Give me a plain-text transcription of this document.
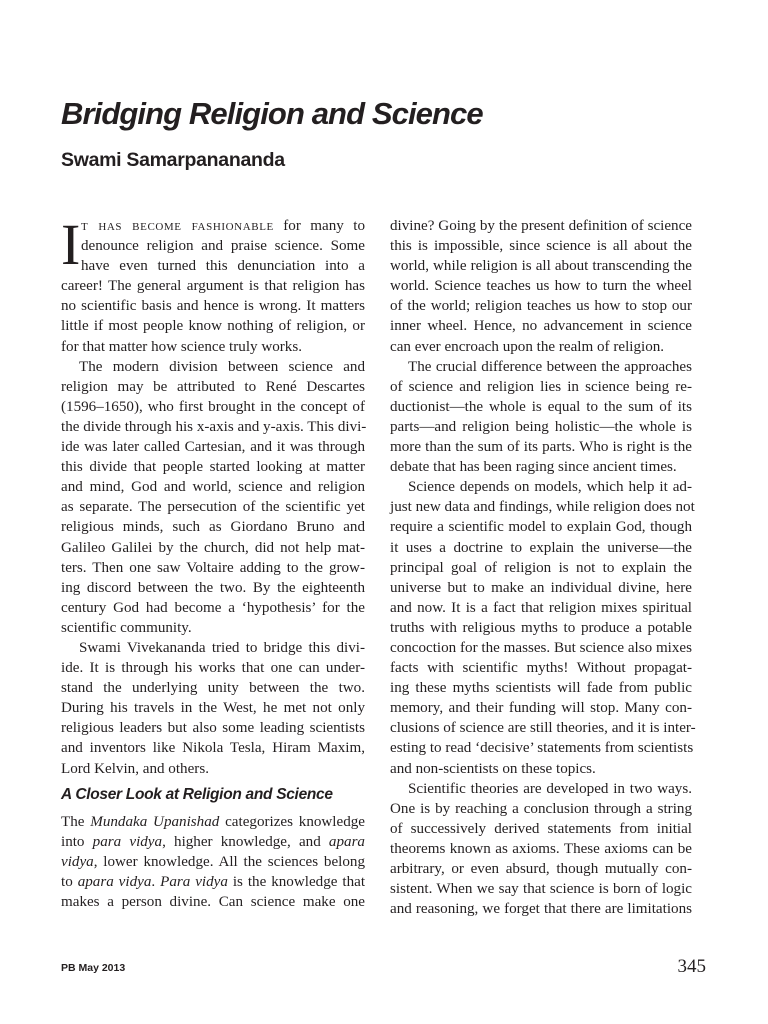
Bridging Religion and Science
Swami Samarpanananda
I t has become fashionable for many to
denounce religion and praise science. Some
have even turned this denunciation into a
career! The general argument is that religion has
no scientific basis and hence is wrong. It matters
little if most people know nothing of religion, or
for that matter how science truly works.
The modern division between science and
religion may be attributed to René Descartes
(1596–1650), who first brought in the concept of
the divide through his x-axis and y-axis. This divi-
ide was later called Cartesian, and it was through
this divide that people started looking at matter
and mind, God and world, science and religion
as separate. The persecution of the scientific yet
religious minds, such as Giordano Bruno and
Galileo Galilei by the church, did not help mat-
ters. Then one saw Voltaire adding to the grow-
ing discord between the two. By the eighteenth
century God had become a ‘hypothesis’ for the
scientific community.
Swami Vivekananda tried to bridge this divi-
ide. It is through his works that one can under-
stand the underlying unity between the two.
During his travels in the West, he met not only
religious leaders but also some leading scientists
and inventors like Nikola Tesla, Hiram Maxim,
Lord Kelvin, and others.
A Closer Look at Religion and Science
The Mundaka Upanishad categorizes knowledge
into para vidya, higher knowledge, and apara
vidya, lower knowledge. All the sciences belong
to apara vidya. Para vidya is the knowledge that
makes a person divine. Can science make one
divine? Going by the present definition of science
this is impossible, since science is all about the
world, while religion is all about transcending the
world. Science teaches us how to turn the wheel
of the world; religion teaches us how to stop our
inner wheel. Hence, no advancement in science
can ever encroach upon the realm of religion.
The crucial difference between the approaches
of science and religion lies in science being re-
ductionist—the whole is equal to the sum of its
parts—and religion being holistic—the whole is
more than the sum of its parts. Who is right is the
debate that has been raging since ancient times.
Science depends on models, which help it ad-
just new data and findings, while religion does not
require a scientific model to explain God, though
it uses a doctrine to explain the universe—the
principal goal of religion is not to explain the
universe but to make an individual divine, here
and now. It is a fact that religion mixes spiritual
truths with religious myths to produce a potable
concoction for the masses. But science also mixes
facts with scientific myths! Without propagat-
ing these myths scientists will fade from public
memory, and their funding will stop. Many con-
clusions of science are still theories, and it is inter-
esting to read ‘decisive’ statements from scientists
and non-scientists on these topics.
Scientific theories are developed in two ways.
One is by reaching a conclusion through a string
of successively derived statements from initial
theorems known as axioms. These axioms can be
arbitrary, or even absurd, though mutually con-
sistent. When we say that science is born of logic
and reasoning, we forget that there are limitations
PB May 2013	345
